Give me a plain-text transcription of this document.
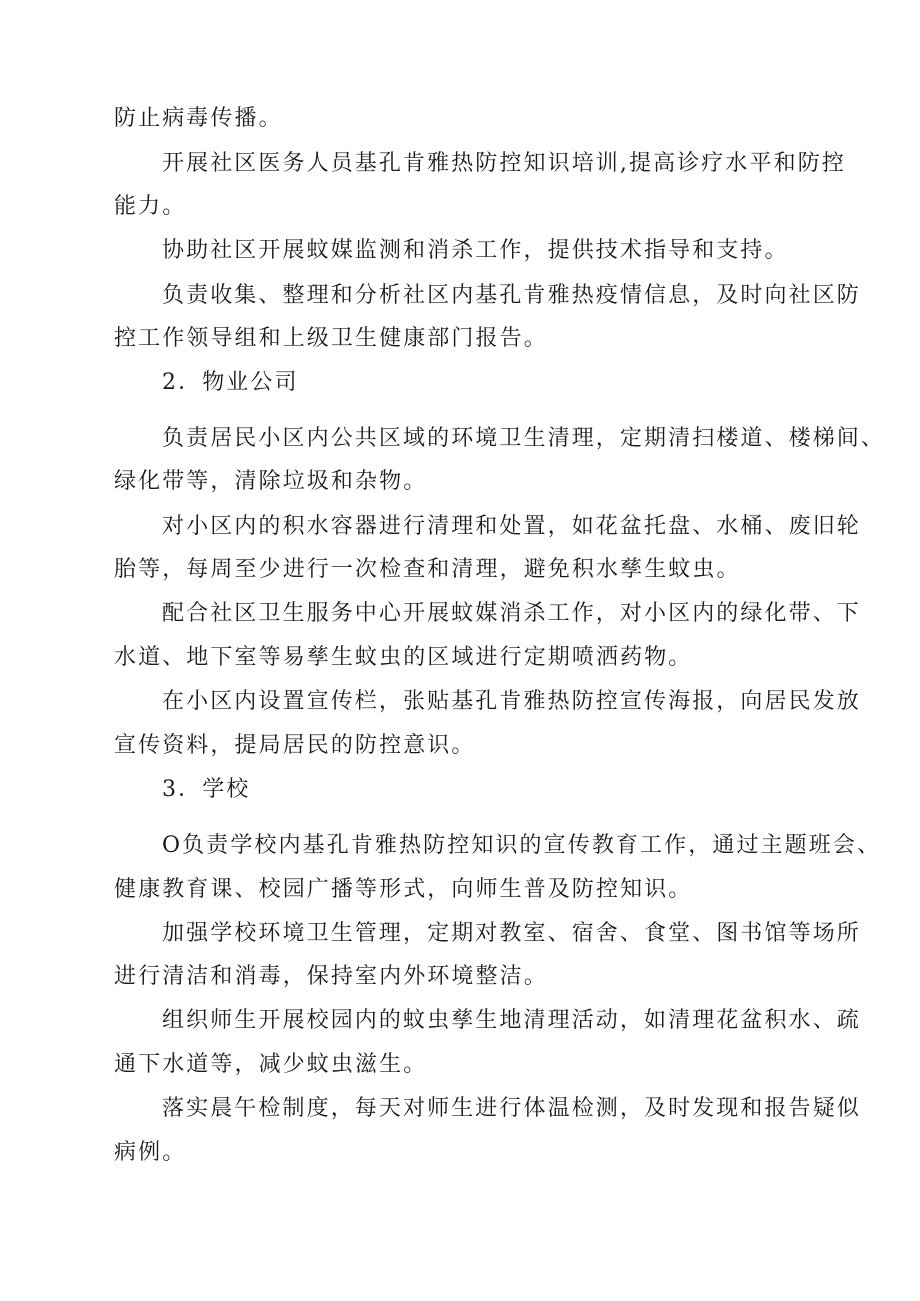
防止病毒传播。
开展社区医务人员基孔肯雅热防控知识培训,提高诊疗水平和防控
能力。
协助社区开展蚊媒监测和消杀工作，提供技术指导和支持。
负责收集、整理和分析社区内基孔肯雅热疫情信息，及时向社区防
控工作领导组和上级卫生健康部门报告。
2．物业公司
负责居民小区内公共区域的环境卫生清理，定期清扫楼道、楼梯间、
绿化带等，清除垃圾和杂物。
对小区内的积水容器进行清理和处置，如花盆托盘、水桶、废旧轮
胎等，每周至少进行一次检查和清理，避免积水孳生蚊虫。
配合社区卫生服务中心开展蚊媒消杀工作，对小区内的绿化带、下
水道、地下室等易孳生蚊虫的区域进行定期喷洒药物。
在小区内设置宣传栏，张贴基孔肯雅热防控宣传海报，向居民发放
宣传资料，提局居民的防控意识。
3．学校
O负责学校内基孔肯雅热防控知识的宣传教育工作，通过主题班会、
健康教育课、校园广播等形式，向师生普及防控知识。
加强学校环境卫生管理，定期对教室、宿舍、食堂、图书馆等场所
进行清洁和消毒，保持室内外环境整洁。
组织师生开展校园内的蚊虫孳生地清理活动，如清理花盆积水、疏
通下水道等，减少蚊虫滋生。
落实晨午检制度，每天对师生进行体温检测，及时发现和报告疑似
病例。
